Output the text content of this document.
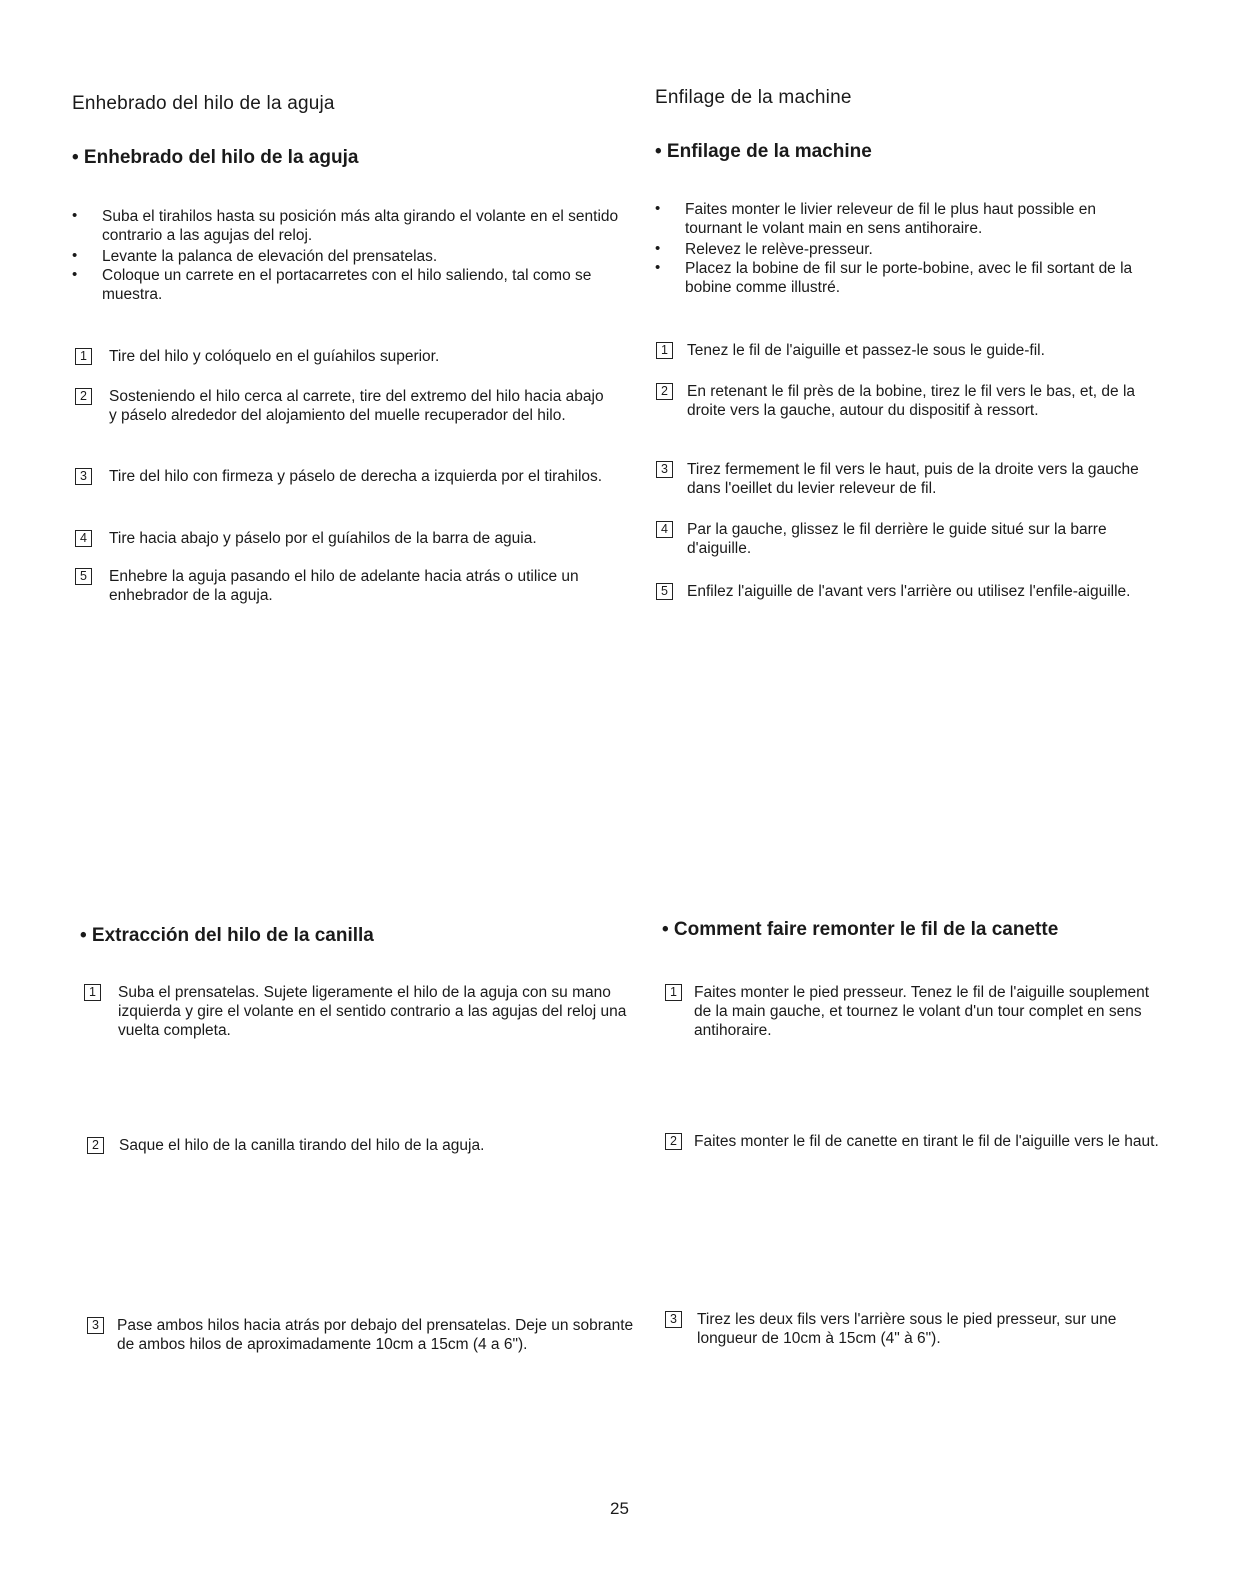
Enhebrado del hilo de la aguja
• Enhebrado del hilo de la aguja
• Suba el tirahilos hasta su posición más alta girando el volante en el sentido contrario a las agujas del reloj.
• Levante la palanca de elevación del prensatelas.
• Coloque un carrete en el portacarretes con el hilo saliendo, tal como se muestra.
1	Tire del hilo y colóquelo en el guíahilos superior.
2	Sosteniendo el hilo cerca al carrete, tire del extremo del hilo hacia abajo y páselo alrededor del alojamiento del muelle recuperador del hilo.
3	Tire del hilo con firmeza y páselo de derecha a izquierda por el tirahilos.
4	Tire hacia abajo y páselo por el guíahilos de la barra de aguia.
5	Enhebre la aguja pasando el hilo de adelante hacia atrás o utilice un enhebrador de la aguja.
• Extracción del hilo de la canilla
1	Suba el prensatelas. Sujete ligeramente el hilo de la aguja con su mano izquierda y gire el volante en el sentido contrario a las agujas del reloj una vuelta completa.
2	Saque el hilo de la canilla tirando del hilo de la aguja.
3	Pase ambos hilos hacia atrás por debajo del prensatelas. Deje un sobrante de ambos hilos de aproximadamente 10cm a 15cm (4 a 6").
Enfilage de la machine
• Enfilage de la machine
• Faites monter le livier releveur de fil le plus haut possible en tournant le volant main en sens antihoraire.
• Relevez le relève-presseur.
• Placez la bobine de fil sur le porte-bobine, avec le fil sortant de la bobine comme illustré.
1	Tenez le fil de l'aiguille et passez-le sous le guide-fil.
2	En retenant le fil près de la bobine, tirez le fil vers le bas, et, de la droite vers la gauche, autour du dispositif à ressort.
3	Tirez fermement le fil vers le haut, puis de la droite vers la gauche dans l'oeillet du levier releveur de fil.
4	Par la gauche, glissez le fil derrière le guide situé sur la barre d'aiguille.
5	Enfilez l'aiguille de l'avant vers l'arrière ou utilisez l'enfile-aiguille.
• Comment faire remonter le fil de la canette
1	Faites monter le pied presseur. Tenez le fil de l'aiguille souplement de la main gauche, et tournez le volant d'un tour complet en sens antihoraire.
2	Faites monter le fil de canette en tirant le fil de l'aiguille vers le haut.
3	Tirez les deux fils vers l'arrière sous le pied presseur, sur une longueur de 10cm à 15cm (4" à 6").
25
